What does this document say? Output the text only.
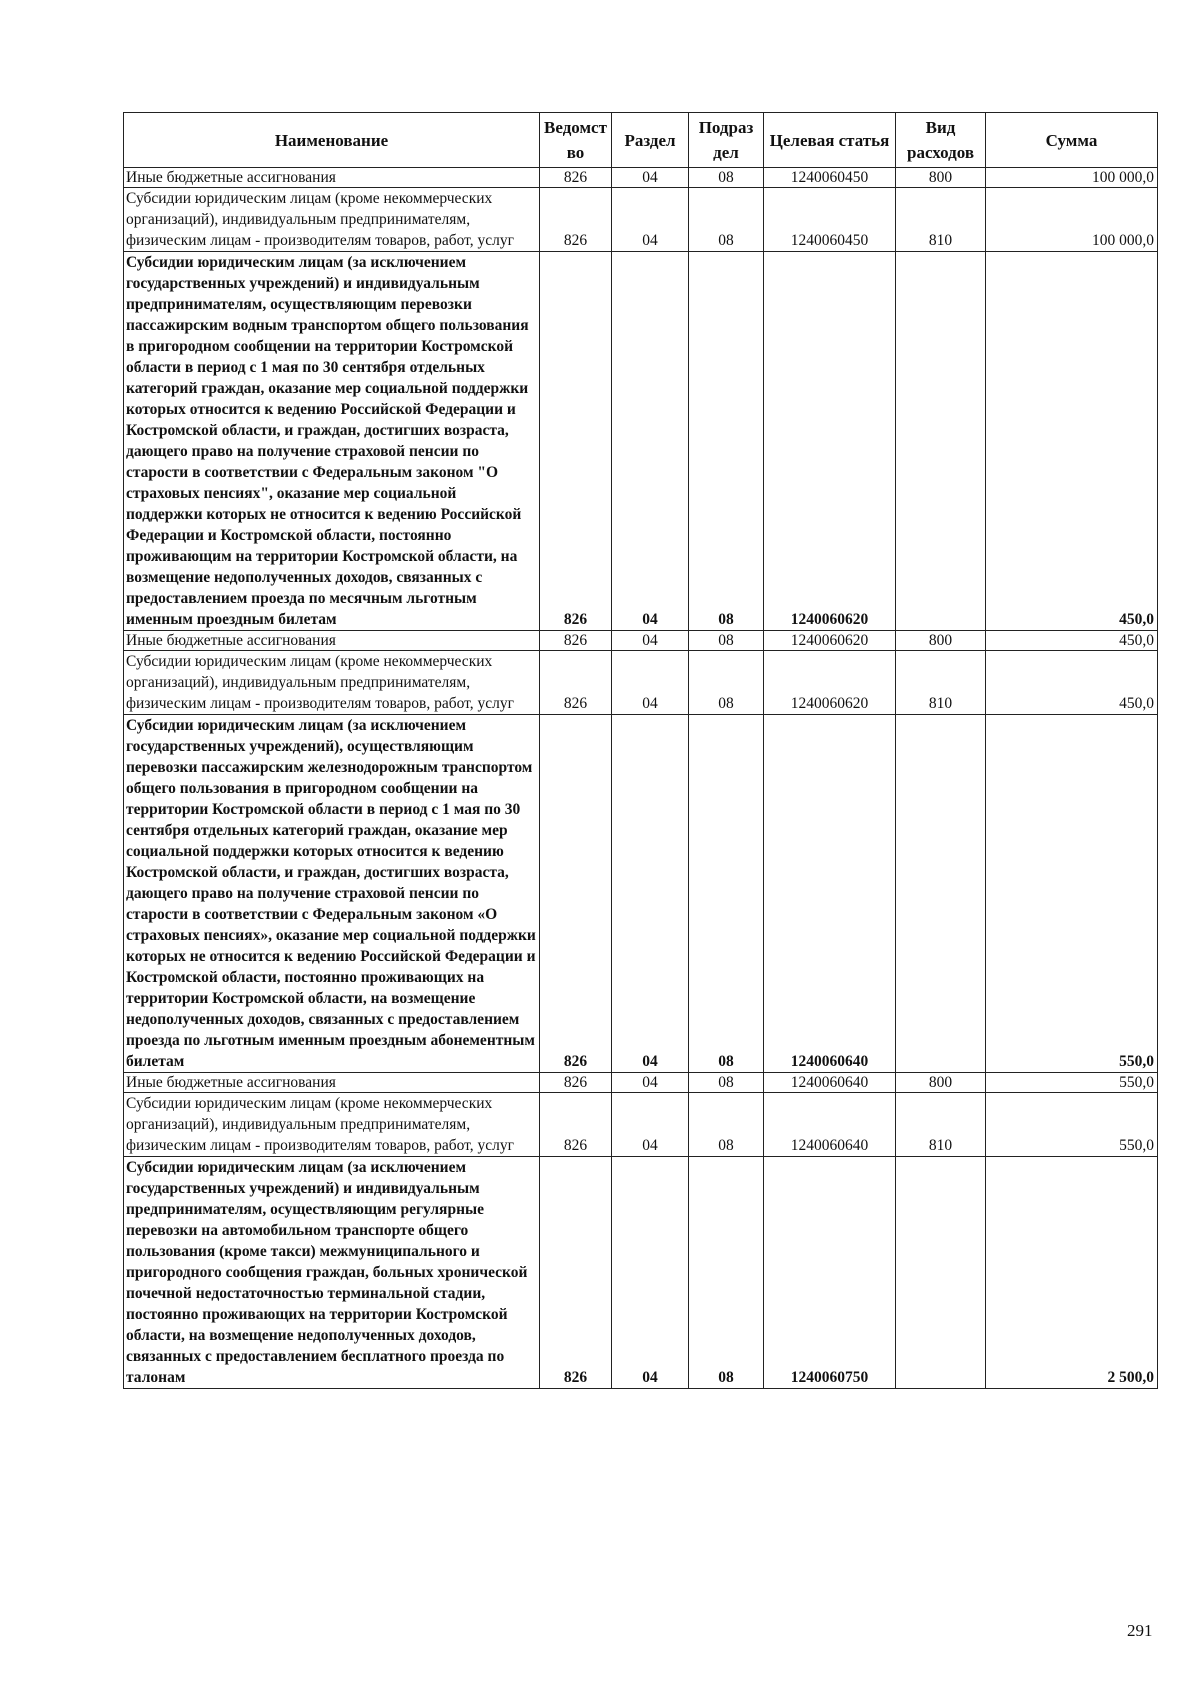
Наименование	Ведомст во	Раздел	Подраз дел	Целевая статья	Вид расходов	Сумма
Иные бюджетные ассигнования	826	04	08	1240060450	800	100 000,0
Субсидии юридическим лицам (кроме некоммерческих организаций), индивидуальным предпринимателям, физическим лицам - производителям товаров, работ, услуг	826	04	08	1240060450	810	100 000,0
Субсидии юридическим лицам (за исключением государственных учреждений) и индивидуальным предпринимателям, осуществляющим перевозки пассажирским водным транспортом общего пользования в пригородном сообщении на территории Костромской области в период с 1 мая по 30 сентября отдельных категорий граждан, оказание мер социальной поддержки которых относится к ведению Российской Федерации и Костромской области, и граждан, достигших возраста, дающего право на получение страховой пенсии по старости в соответствии с Федеральным законом "О страховых пенсиях", оказание мер социальной поддержки которых не относится к ведению Российской Федерации и Костромской области, постоянно проживающим на территории Костромской области, на возмещение недополученных доходов, связанных с предоставлением проезда по месячным льготным именным проездным билетам	826	04	08	1240060620		450,0
Иные бюджетные ассигнования	826	04	08	1240060620	800	450,0
Субсидии юридическим лицам (кроме некоммерческих организаций), индивидуальным предпринимателям, физическим лицам - производителям товаров, работ, услуг	826	04	08	1240060620	810	450,0
Субсидии юридическим лицам (за исключением государственных учреждений), осуществляющим перевозки пассажирским железнодорожным транспортом общего пользования в пригородном сообщении на территории Костромской области в период с 1 мая по 30 сентября отдельных категорий граждан, оказание мер социальной поддержки которых относится к ведению Костромской области, и граждан, достигших возраста, дающего право на получение страховой пенсии по старости в соответствии с Федеральным законом «О страховых пенсиях», оказание мер социальной поддержки которых не относится к ведению Российской Федерации и Костромской области, постоянно проживающих на территории Костромской области, на возмещение недополученных доходов, связанных с предоставлением проезда по льготным именным проездным абонементным билетам	826	04	08	1240060640		550,0
Иные бюджетные ассигнования	826	04	08	1240060640	800	550,0
Субсидии юридическим лицам (кроме некоммерческих организаций), индивидуальным предпринимателям, физическим лицам - производителям товаров, работ, услуг	826	04	08	1240060640	810	550,0
Субсидии юридическим лицам (за исключением государственных учреждений) и индивидуальным предпринимателям, осуществляющим регулярные перевозки на автомобильном транспорте общего пользования (кроме такси) межмуниципального и пригородного сообщения граждан, больных хронической почечной недостаточностью терминальной стадии, постоянно проживающих на территории Костромской области, на возмещение недополученных доходов, связанных с предоставлением бесплатного проезда по талонам	826	04	08	1240060750		2 500,0
291
